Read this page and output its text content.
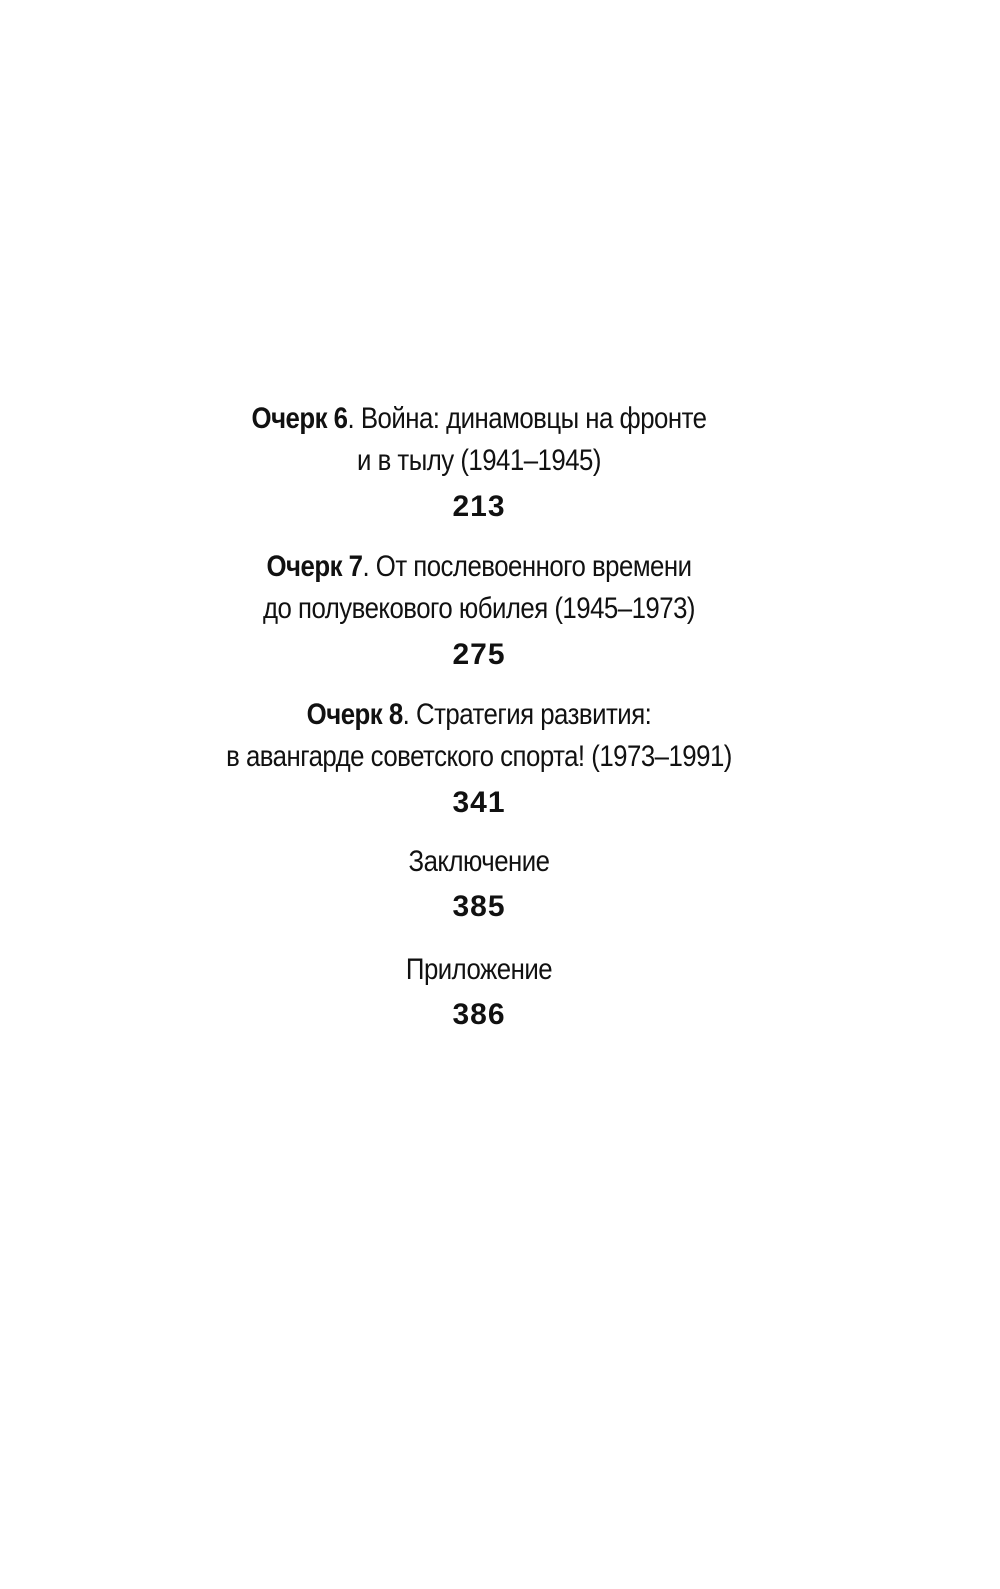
Очерк 6. Война: динамовцы на фронте
и в тылу (1941–1945)
213
Очерк 7. От послевоенного времени
до полувекового юбилея (1945–1973)
275
Очерк 8. Стратегия развития:
в авангарде советского спорта! (1973–1991)
341
Заключение
385
Приложение
386
